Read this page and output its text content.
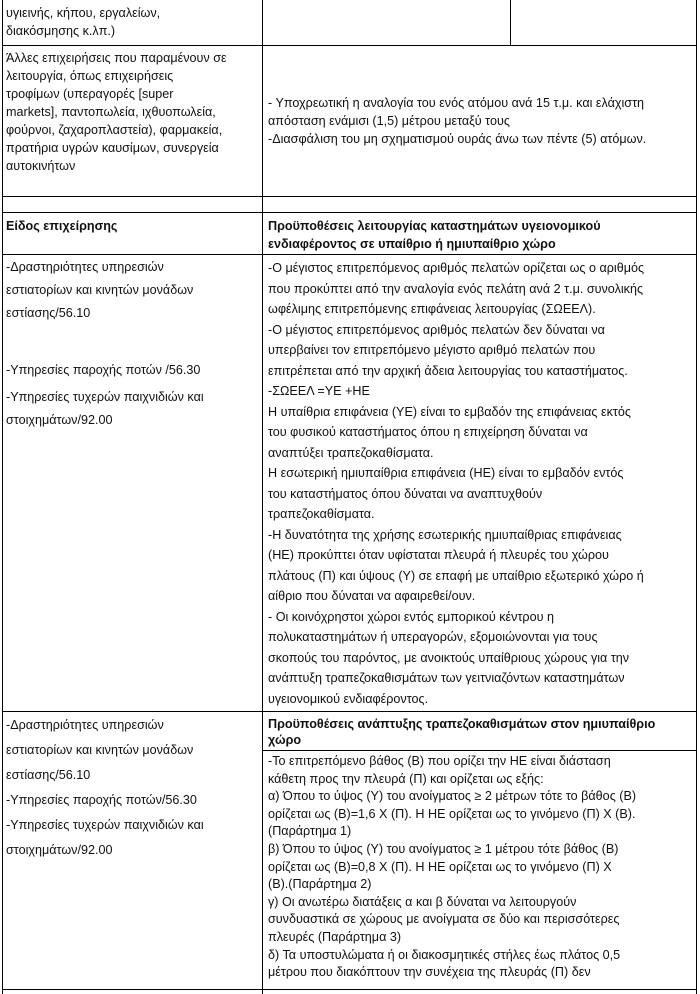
υγιεινής, κήπου, εργαλείων,
διακόσμησης κ.λπ.)
Άλλες επιχειρήσεις που παραμένουν σε
λειτουργία, όπως επιχειρήσεις
τροφίμων (υπεραγορές [super
markets], παντοπωλεία, ιχθυοπωλεία,
φούρνοι, ζαχαροπλαστεία), φαρμακεία,
πρατήρια υγρών καυσίμων, συνεργεία
αυτοκινήτων
- Υποχρεωτική η αναλογία του ενός ατόμου ανά 15 τ.μ. και ελάχιστη
απόσταση ενάμισι (1,5) μέτρου μεταξύ τους
-Διασφάλιση του μη σχηματισμού ουράς άνω των πέντε (5) ατόμων.
Είδος επιχείρησης	Προϋποθέσεις λειτουργίας καταστημάτων υγειονομικού
ενδιαφέροντος σε υπαίθριο ή ημιυπαίθριο χώρο
-Δραστηριότητες υπηρεσιών
εστιατορίων και κινητών μονάδων
εστίασης/56.10
-Υπηρεσίες παροχής ποτών /56.30
-Υπηρεσίες τυχερών παιχνιδιών και
στοιχημάτων/92.00
-Ο μέγιστος επιτρεπόμενος αριθμός πελατών ορίζεται ως ο αριθμός
που προκύπτει από την αναλογία ενός πελάτη ανά 2 τ.μ. συνολικής
ωφέλιμης επιτρεπόμενης επιφάνειας λειτουργίας (ΣΩΕΕΛ).
-Ο μέγιστος επιτρεπόμενος αριθμός πελατών δεν δύναται να
υπερβαίνει τον επιτρεπόμενο μέγιστο αριθμό πελατών που
επιτρέπεται από την αρχική άδεια λειτουργίας του καταστήματος.
-ΣΩΕΕΛ =ΥΕ +ΗΕ
Η υπαίθρια επιφάνεια (ΥΕ) είναι το εμβαδόν της επιφάνειας εκτός
του φυσικού καταστήματος όπου η επιχείρηση δύναται να
αναπτύξει τραπεζοκαθίσματα.
Η εσωτερική ημιυπαίθρια επιφάνεια (ΗΕ) είναι το εμβαδόν εντός
του καταστήματος όπου δύναται να αναπτυχθούν
τραπεζοκαθίσματα.
-Η δυνατότητα της χρήσης εσωτερικής ημιυπαίθριας επιφάνειας
(ΗΕ) προκύπτει όταν υφίσταται πλευρά ή πλευρές του χώρου
πλάτους (Π) και ύψους (Υ) σε επαφή με υπαίθριο εξωτερικό χώρο ή
αίθριο που δύναται να αφαιρεθεί/ουν.
- Οι κοινόχρηστοι χώροι εντός εμπορικού κέντρου η
πολυκαταστημάτων ή υπεραγορών, εξομοιώνονται για τους
σκοπούς του παρόντος, με ανοικτούς υπαίθριους χώρους για την
ανάπτυξη τραπεζοκαθισμάτων των γειτνιαζόντων καταστημάτων
υγειονομικού ενδιαφέροντος.
-Δραστηριότητες υπηρεσιών
εστιατορίων και κινητών μονάδων
εστίασης/56.10
-Υπηρεσίες παροχής ποτών/56.30
-Υπηρεσίες τυχερών παιχνιδιών και
στοιχημάτων/92.00
Προϋποθέσεις ανάπτυξης τραπεζοκαθισμάτων στον ημιυπαίθριο
χώρο
-Το επιτρεπόμενο βάθος (Β) που ορίζει την ΗΕ είναι διάσταση
κάθετη προς την πλευρά (Π) και ορίζεται ως εξής:
α) Όπου το ύψος (Υ) του ανοίγματος ≥ 2 μέτρων τότε το βάθος (Β)
ορίζεται ως (Β)=1,6 Χ (Π). Η ΗΕ ορίζεται ως το γινόμενο (Π) Χ (Β).
(Παράρτημα 1)
β) Όπου το ύψος (Υ) του ανοίγματος ≥ 1 μέτρου τότε βάθος (Β)
ορίζεται ως (Β)=0,8 Χ (Π). Η ΗΕ ορίζεται ως το γινόμενο (Π) Χ
(Β).(Παράρτημα 2)
γ) Οι ανωτέρω διατάξεις α και β δύναται να λειτουργούν
συνδυαστικά σε χώρους με ανοίγματα σε δύο και περισσότερες
πλευρές (Παράρτημα 3)
δ) Τα υποστυλώματα ή οι διακοσμητικές στήλες έως πλάτος 0,5
μέτρου που διακόπτουν την συνέχεια της πλευράς (Π) δεν
